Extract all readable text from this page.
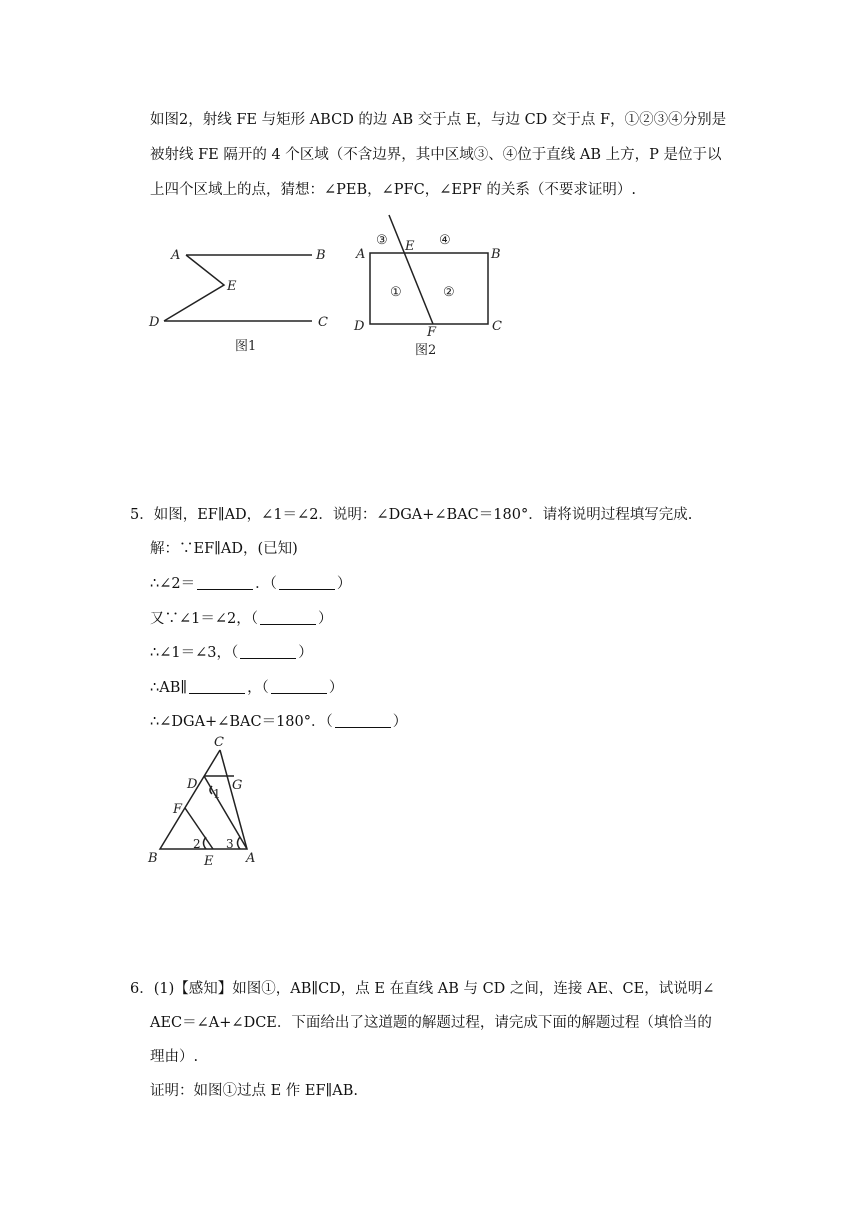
如图2，射线 FE 与矩形 ABCD 的边 AB 交于点 E，与边 CD 交于点 F，①②③④分别是
被射线 FE 隔开的 4 个区域（不含边界，其中区域③、④位于直线 AB 上方，P 是位于以
上四个区域上的点，猜想：∠PEB，∠PFC，∠EPF 的关系（不要求证明）.
A	B
E
D	C
图1
A	B
E
D	C
F
①	②
③	④
图2
5．如图，EF∥AD，∠1＝∠2．说明：∠DGA+∠BAC＝180°．请将说明过程填写完成.
解：∵EF∥AD，(已知)
∴∠2＝	．（	）
又∵∠1＝∠2，（	）
∴∠1＝∠3，（	）
∴AB∥	，（	）
∴∠DGA+∠BAC＝180°．（	）
C
D	G
F
B	E	A
1
2 3
6．(1)【感知】如图①，AB∥CD，点 E 在直线 AB 与 CD 之间，连接 AE、CE，试说明∠
AEC＝∠A+∠DCE．下面给出了这道题的解题过程，请完成下面的解题过程（填恰当的
理由）.
证明：如图①过点 E 作 EF∥AB.
